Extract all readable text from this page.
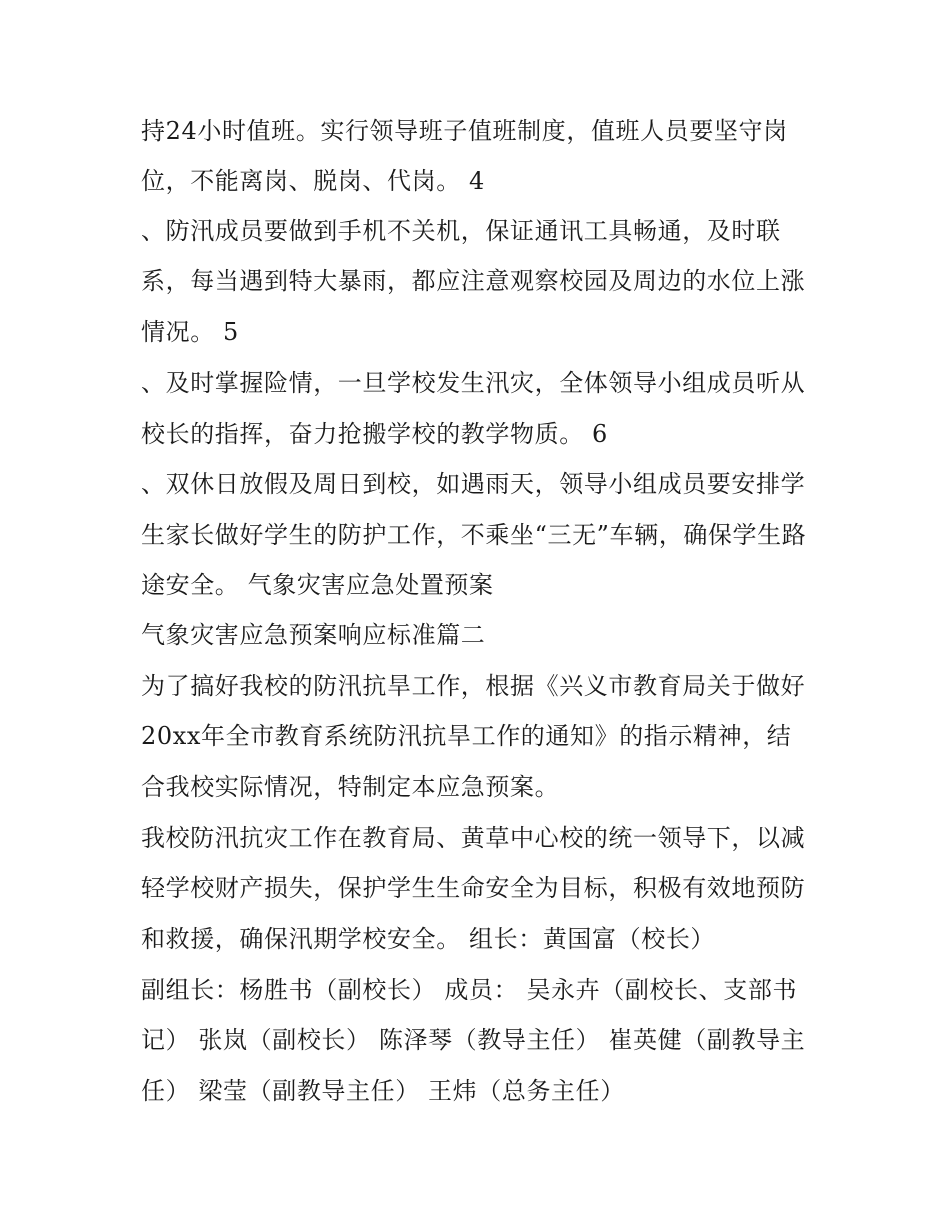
持24小时值班。实行领导班子值班制度，值班人员要坚守岗
位，不能离岗、脱岗、代岗。 4
、防汛成员要做到手机不关机，保证通讯工具畅通，及时联
系，每当遇到特大暴雨，都应注意观察校园及周边的水位上涨
情况。 5
、及时掌握险情，一旦学校发生汛灾，全体领导小组成员听从
校长的指挥，奋力抢搬学校的教学物质。 6
、双休日放假及周日到校，如遇雨天，领导小组成员要安排学
生家长做好学生的防护工作，不乘坐“三无”车辆，确保学生路
途安全。 气象灾害应急处置预案
气象灾害应急预案响应标准篇二
为了搞好我校的防汛抗旱工作，根据《兴义市教育局关于做好
20xx年全市教育系统防汛抗旱工作的通知》的指示精神，结
合我校实际情况，特制定本应急预案。
我校防汛抗灾工作在教育局、黄草中心校的统一领导下，以减
轻学校财产损失，保护学生生命安全为目标，积极有效地预防
和救援，确保汛期学校安全。 组长：黄国富（校长）
副组长：杨胜书（副校长） 成员： 吴永卉（副校长、支部书
记） 张岚（副校长） 陈泽琴（教导主任） 崔英健（副教导主
任） 梁莹（副教导主任） 王炜（总务主任）
